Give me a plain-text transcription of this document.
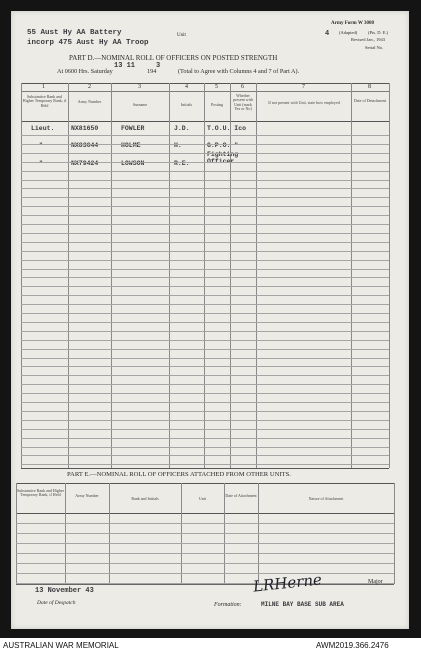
55 Aust Hy AA Battery
incorp 475 Aust Hy AA Troop
Unit
Army Form W 3008
4 (Adapted) (Pts. D. E.)
Revised Jan., 1943
Serial No.
PART D.—NOMINAL ROLL OF OFFICERS ON POSTED STRENGTH
At 0600 Hrs. Saturday
13 11
194
3
(Total to Agree with Columns 4 and 7 of Part A).
1	2	3	4	5	6	7	8
Substantive Rank and Higher Temporary Rank, if Held
Army Number
Surname	Initials	Posting
Whether present with Unit (mark Yes or No)
If not present with Unit, state how employed	Date of Detachment
Lieut.	NX81650	FOWLER	J.D.	T.O.U. Ico
"	NX83044	HOLME	H.	G.P.O. "
"	NX79424	LOWSON	R.E.
Fighting Officer
PART E.—NOMINAL ROLL OF OFFICERS ATTACHED FROM OTHER UNITS.
Substantive Rank and Higher Temporary Rank, if Held	Army Number
Rank and Initials	Unit
Date of Attachment
Nature of Attachment
13 November 43
Date of Despatch
LRHerne	Major
Formation:	MILNE BAY BASE SUB AREA
AUSTRALIAN WAR MEMORIAL	AWM2019.366.2476
